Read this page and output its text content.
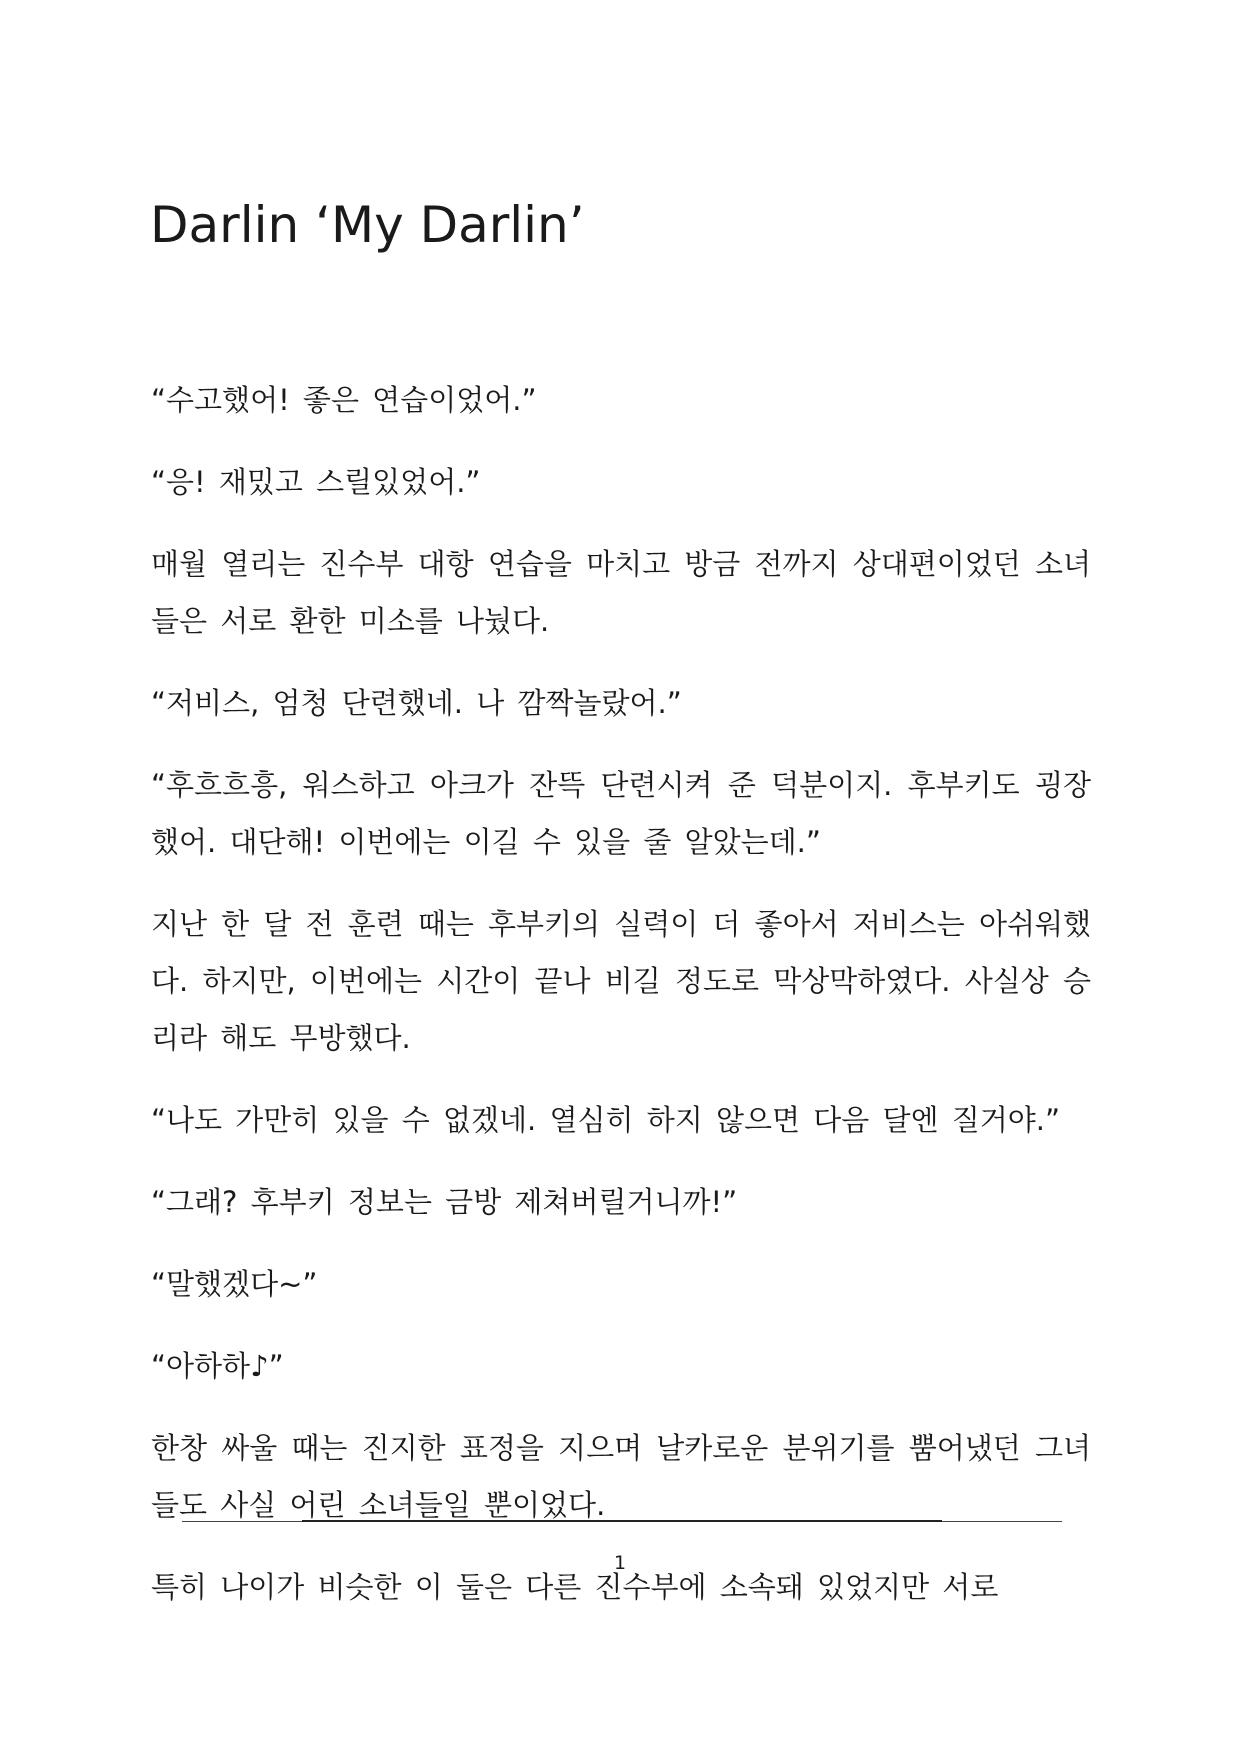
Darlin ‘My Darlin’

“수고했어! 좋은 연습이었어.”

“응! 재밌고 스릴있었어.”

매월 열리는 진수부 대항 연습을 마치고 방금 전까지 상대편이었던 소녀들은 서로 환한 미소를 나눴다.

“저비스, 엄청 단련했네. 나 깜짝놀랐어.”

“후흐흐흥, 워스하고 아크가 잔뜩 단련시켜 준 덕분이지. 후부키도 굉장했어. 대단해! 이번에는 이길 수 있을 줄 알았는데.”

지난 한 달 전 훈련 때는 후부키의 실력이 더 좋아서 저비스는 아쉬워했다. 하지만, 이번에는 시간이 끝나 비길 정도로 막상막하였다. 사실상 승리라 해도 무방했다.

“나도 가만히 있을 수 없겠네. 열심히 하지 않으면 다음 달엔 질거야.”

“그래? 후부키 정보는 금방 제쳐버릴거니까!”

“말했겠다~”

“아하하♪”

한창 싸울 때는 진지한 표정을 지으며 날카로운 분위기를 뿜어냈던 그녀들도 사실 어린 소녀들일 뿐이었다.

특히 나이가 비슷한 이 둘은 다른 진수부에 소속돼 있었지만 서로

1
